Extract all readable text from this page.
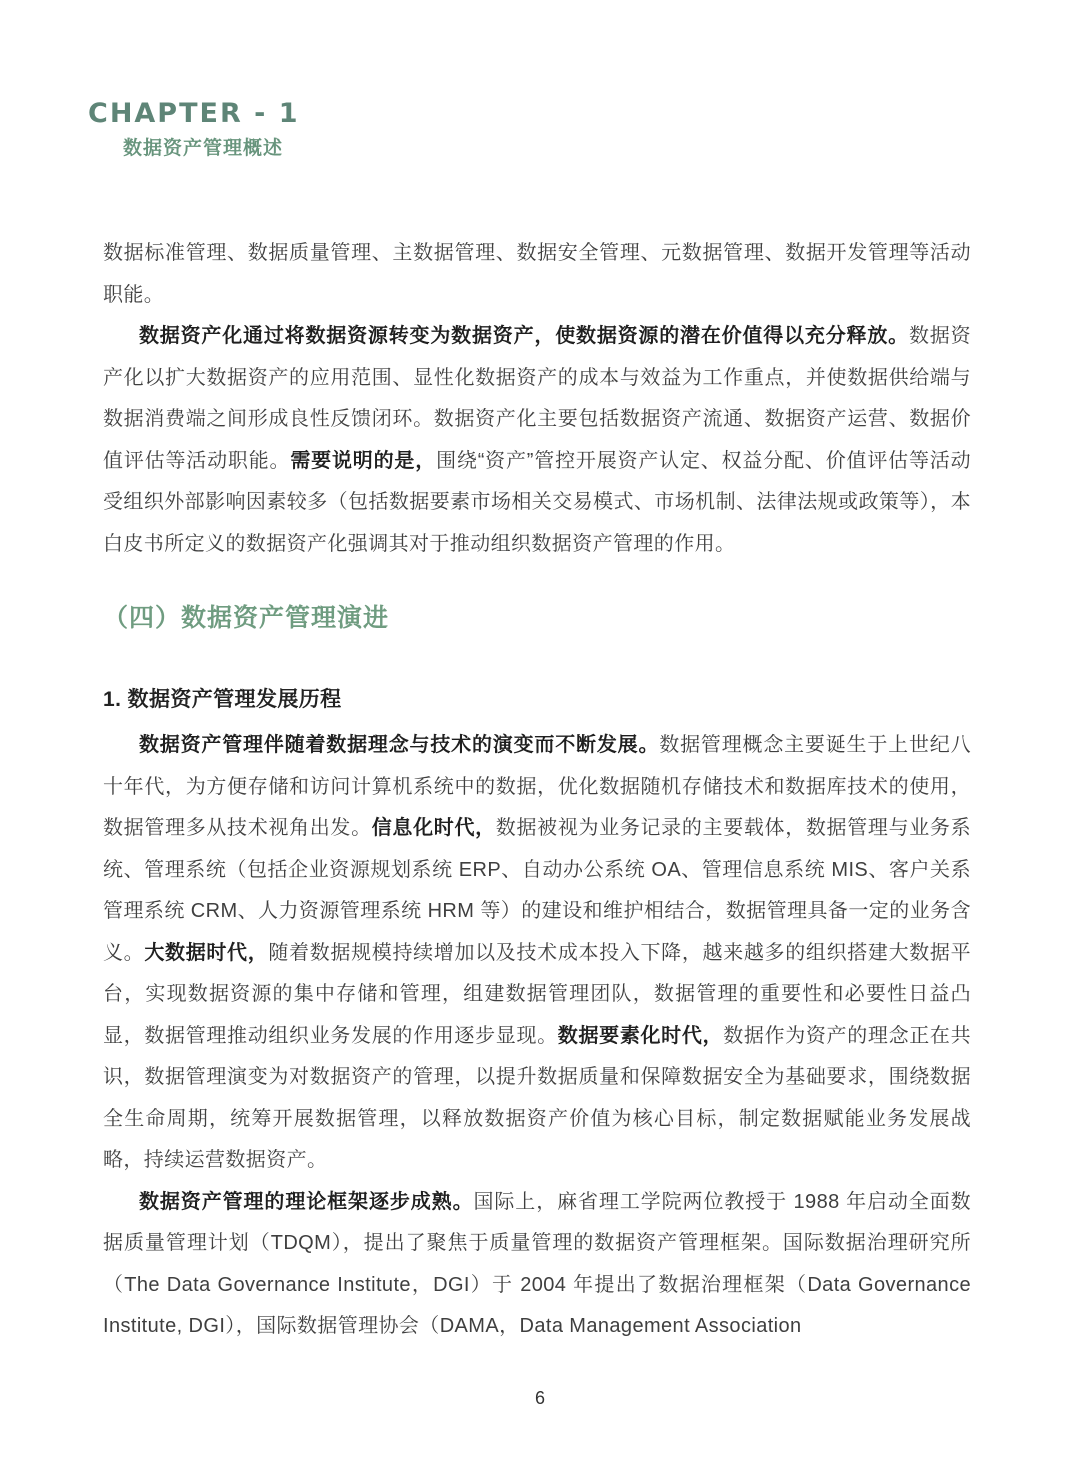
CHAPTER - 1
数据资产管理概述

数据标准管理、数据质量管理、主数据管理、数据安全管理、元数据管理、数据开发管理等活动职能。

数据资产化通过将数据资源转变为数据资产，使数据资源的潜在价值得以充分释放。数据资产化以扩大数据资产的应用范围、显性化数据资产的成本与效益为工作重点，并使数据供给端与数据消费端之间形成良性反馈闭环。数据资产化主要包括数据资产流通、数据资产运营、数据价值评估等活动职能。需要说明的是，围绕“资产”管控开展资产认定、权益分配、价值评估等活动受组织外部影响因素较多（包括数据要素市场相关交易模式、市场机制、法律法规或政策等），本白皮书所定义的数据资产化强调其对于推动组织数据资产管理的作用。

（四）数据资产管理演进
1. 数据资产管理发展历程

数据资产管理伴随着数据理念与技术的演变而不断发展。数据管理概念主要诞生于上世纪八十年代，为方便存储和访问计算机系统中的数据，优化数据随机存储技术和数据库技术的使用，数据管理多从技术视角出发。信息化时代，数据被视为业务记录的主要载体，数据管理与业务系统、管理系统（包括企业资源规划系统 ERP、自动办公系统 OA、管理信息系统 MIS、客户关系管理系统 CRM、人力资源管理系统 HRM 等）的建设和维护相结合，数据管理具备一定的业务含义。大数据时代，随着数据规模持续增加以及技术成本投入下降，越来越多的组织搭建大数据平台，实现数据资源的集中存储和管理，组建数据管理团队，数据管理的重要性和必要性日益凸显，数据管理推动组织业务发展的作用逐步显现。数据要素化时代，数据作为资产的理念正在共识，数据管理演变为对数据资产的管理，以提升数据质量和保障数据安全为基础要求，围绕数据全生命周期，统筹开展数据管理，以释放数据资产价值为核心目标，制定数据赋能业务发展战略，持续运营数据资产。

数据资产管理的理论框架逐步成熟。国际上，麻省理工学院两位教授于 1988 年启动全面数据质量管理计划（TDQM），提出了聚焦于质量管理的数据资产管理框架。国际数据治理研究所（The Data Governance Institute，DGI）于 2004 年提出了数据治理框架（Data Governance Institute, DGI），国际数据管理协会（DAMA，Data Management Association

6
